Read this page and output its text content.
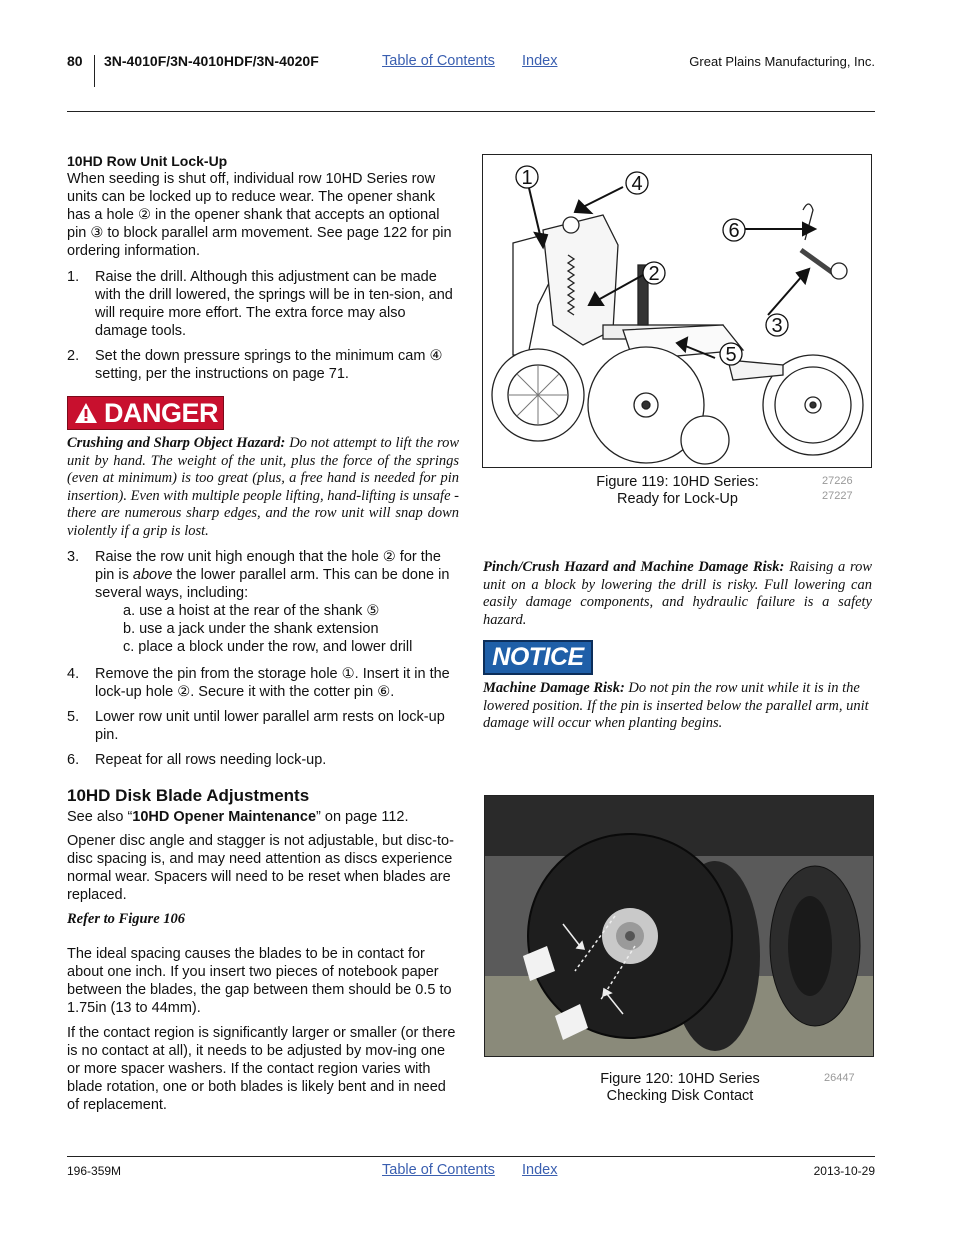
80 3N-4010F/3N-4010HDF/3N-4020F	Table of Contents Index	Great Plains Manufacturing, Inc.
10HD Row Unit Lock-Up

When seeding is shut off, individual row 10HD Series row units can be locked up to reduce wear. The opener shank has a hole ② in the opener shank that accepts an optional pin ③ to block parallel arm movement. See page 122 for pin ordering information.

1. Raise the drill. Although this adjustment can be made with the drill lowered, the springs will be in ten-sion, and will require more effort. The extra force may also damage tools.
2. Set the down pressure springs to the minimum cam ④ setting, per the instructions on page 71.
DANGER
Crushing and Sharp Object Hazard: Do not attempt to lift the row unit by hand. The weight of the unit, plus the force of the springs (even at minimum) is too great (plus, a free hand is needed for pin insertion). Even with multiple people lifting, hand-lifting is unsafe - there are numerous sharp edges, and the row unit will snap down violently if a grip is lost.
3. Raise the row unit high enough that the hole ② for the pin is above the lower parallel arm. This can be done in several ways, including:
a. use a hoist at the rear of the shank ⑤
b. use a jack under the shank extension
c. place a block under the row, and lower drill
4. Remove the pin from the storage hole ①. Insert it in the lock-up hole ②. Secure it with the cotter pin ⑥.
5. Lower row unit until lower parallel arm rests on lock-up pin.
6. Repeat for all rows needing lock-up.
10HD Disk Blade Adjustments

See also “10HD Opener Maintenance” on page 112.

Opener disc angle and stagger is not adjustable, but disc-to-disc spacing is, and may need attention as discs experience normal wear. Spacers will need to be reset when blades are replaced.

Refer to Figure 106

The ideal spacing causes the blades to be in contact for about one inch. If you insert two pieces of notebook paper between the blades, the gap between them should be 0.5 to 1.75in (13 to 44mm).

If the contact region is significantly larger or smaller (or there is no contact at all), it needs to be adjusted by mov-ing one or more spacer washers. If the contact region varies with blade rotation, one or both blades is likely bent and in need of replacement.

1	4
6
2
3
5
Figure 119: 10HD Series:
Ready for Lock-Up
27226
27227
Pinch/Crush Hazard and Machine Damage Risk: Raising a row unit on a block by lowering the drill is risky. Full lowering can easily damage components, and hydraulic failure is a safety hazard.
NOTICE
Machine Damage Risk: Do not pin the row unit while it is in the lowered position. If the pin is inserted below the parallel arm, unit damage will occur when planting begins.
Figure 120: 10HD Series
Checking Disk Contact
26447
196-359M	Table of Contents Index	2013-10-29
